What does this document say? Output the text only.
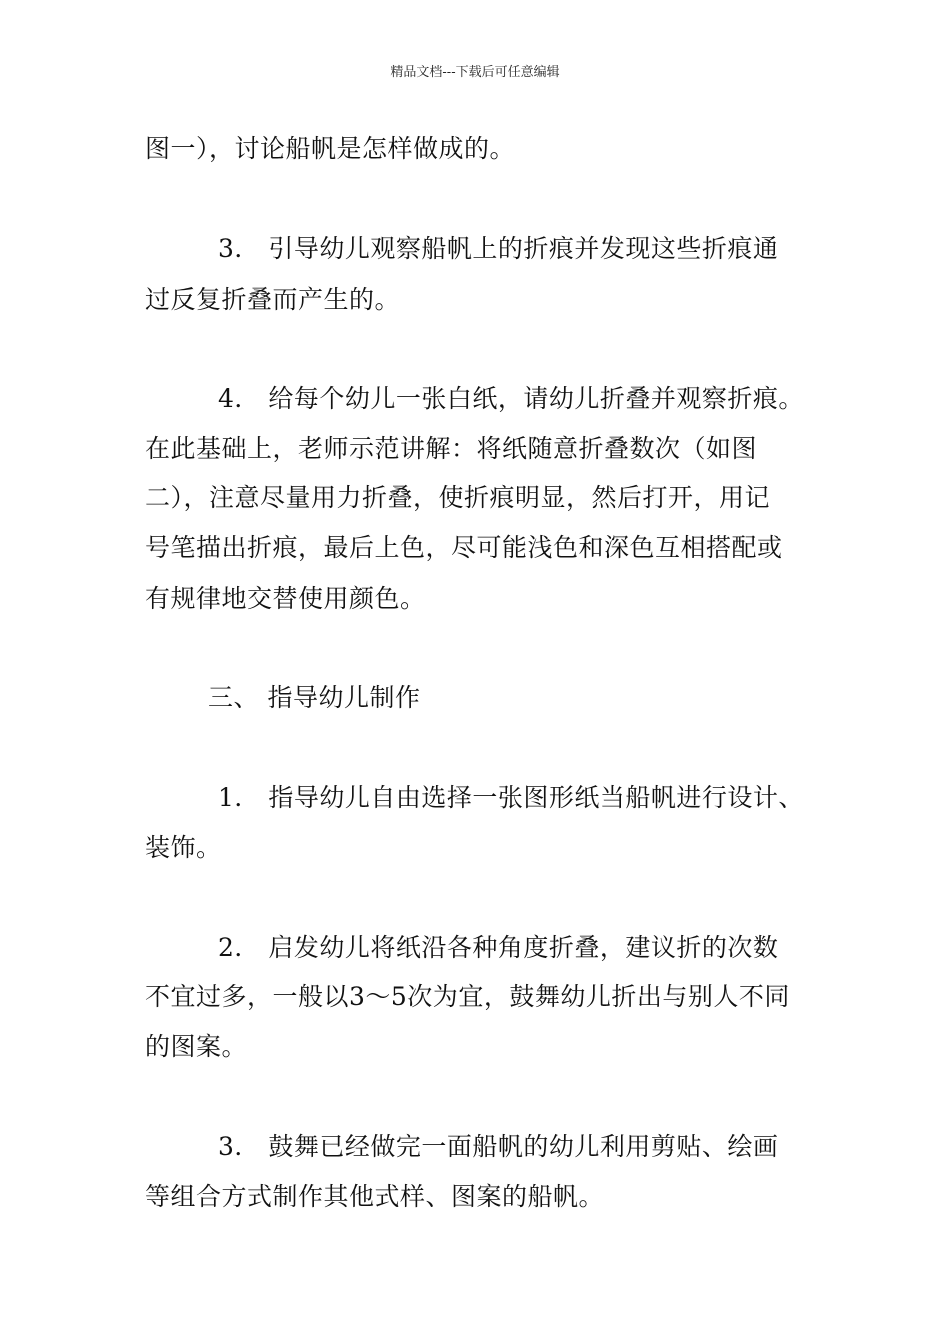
精品文档---下载后可任意编辑
图一），讨论船帆是怎样做成的。
3． 引导幼儿观察船帆上的折痕并发现这些折痕通
过反复折叠而产生的。
4． 给每个幼儿一张白纸，请幼儿折叠并观察折痕。
在此基础上，老师示范讲解：将纸随意折叠数次（如图
二），注意尽量用力折叠，使折痕明显，然后打开，用记
号笔描出折痕，最后上色，尽可能浅色和深色互相搭配或
有规律地交替使用颜色。
三、 指导幼儿制作
1． 指导幼儿自由选择一张图形纸当船帆进行设计、
装饰。
2． 启发幼儿将纸沿各种角度折叠，建议折的次数
不宜过多，一般以3～5次为宜，鼓舞幼儿折出与别人不同
的图案。
3． 鼓舞已经做完一面船帆的幼儿利用剪贴、绘画
等组合方式制作其他式样、图案的船帆。
